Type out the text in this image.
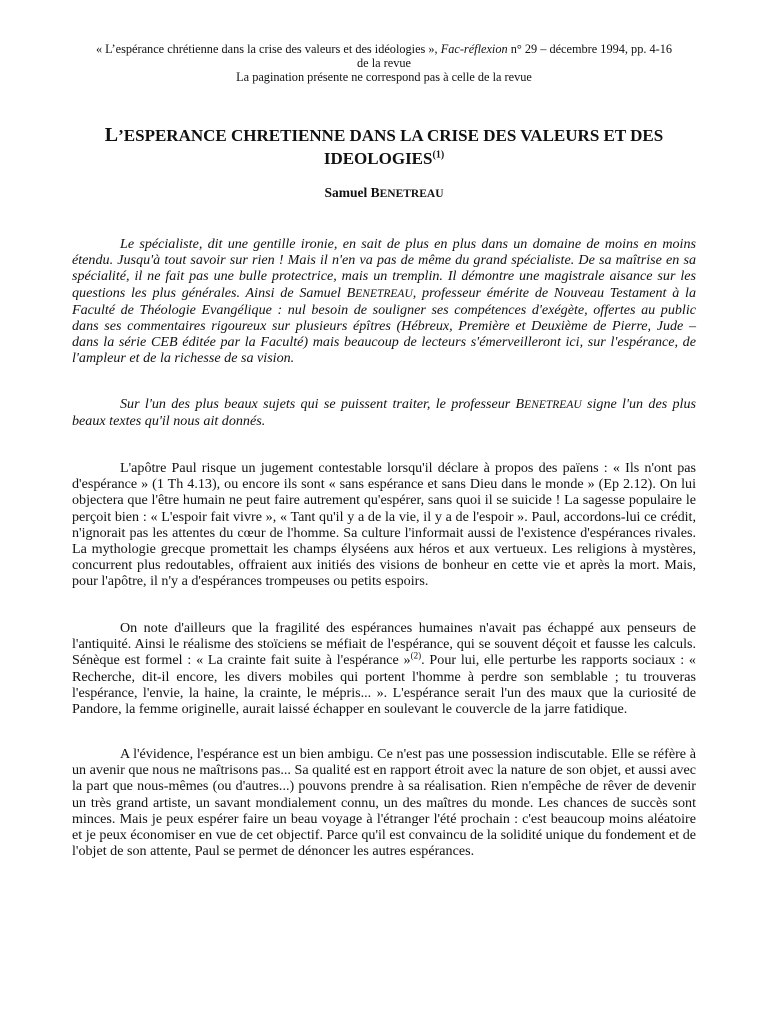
« L’espérance chrétienne dans la crise des valeurs et des idéologies », Fac-réflexion n° 29 – décembre 1994, pp. 4-16
de la revue
La pagination présente ne correspond pas à celle de la revue
L’ESPERANCE CHRETIENNE DANS LA CRISE DES VALEURS ET DES
IDEOLOGIES$^{(1)}$
Samuel BENETREAU

Le spécialiste, dit une gentille ironie, en sait de plus en plus dans un domaine de moins en moins étendu. Jusqu'à tout savoir sur rien ! Mais il n'en va pas de même du grand spécialiste. De sa maîtrise en sa spécialité, il ne fait pas une bulle protectrice, mais un tremplin. Il démontre une magistrale aisance sur les questions les plus générales. Ainsi de Samuel BENETREAU, professeur émérite de Nouveau Testament à la Faculté de Théologie Evangélique : nul besoin de souligner ses compétences d'exégète, offertes au public dans ses commentaires rigoureux sur plusieurs épîtres (Hébreux, Première et Deuxième de Pierre, Jude – dans la série CEB éditée par la Faculté) mais beaucoup de lecteurs s'émerveilleront ici, sur l'espérance, de l'ampleur et de la richesse de sa vision.

Sur l'un des plus beaux sujets qui se puissent traiter, le professeur BENETREAU signe l'un des plus beaux textes qu'il nous ait donnés.

L'apôtre Paul risque un jugement contestable lorsqu'il déclare à propos des païens : « Ils n'ont pas d'espérance » (1 Th 4.13), ou encore ils sont « sans espérance et sans Dieu dans le monde » (Ep 2.12). On lui objectera que l'être humain ne peut faire autrement qu'espérer, sans quoi il se suicide ! La sagesse populaire le perçoit bien : « L'espoir fait vivre », « Tant qu'il y a de la vie, il y a de l'espoir ». Paul, accordons-lui ce crédit, n'ignorait pas les attentes du cœur de l'homme. Sa culture l'informait aussi de l'existence d'espérances rivales. La mythologie grecque promettait les champs élyséens aux héros et aux vertueux. Les religions à mystères, concurrent plus redoutables, offraient aux initiés des visions de bonheur en cette vie et après la mort. Mais, pour l'apôtre, il n'y a d'espérances trompeuses ou petits espoirs.

On note d'ailleurs que la fragilité des espérances humaines n'avait pas échappé aux penseurs de l'antiquité. Ainsi le réalisme des stoïciens se méfiait de l'espérance, qui se souvent déçoit et fausse les calculs. Sénèque est formel : « La crainte fait suite à l'espérance »$^{(2)}$. Pour lui, elle perturbe les rapports sociaux : « Recherche, dit-il encore, les divers mobiles qui portent l'homme à perdre son semblable ; tu trouveras l'espérance, l'envie, la haine, la crainte, le mépris... ». L'espérance serait l'un des maux que la curiosité de Pandore, la femme originelle, aurait laissé échapper en soulevant le couvercle de la jarre fatidique.

A l'évidence, l'espérance est un bien ambigu. Ce n'est pas une possession indiscutable. Elle se réfère à un avenir que nous ne maîtrisons pas... Sa qualité est en rapport étroit avec la nature de son objet, et aussi avec la part que nous-mêmes (ou d'autres...) pouvons prendre à sa réalisation. Rien n'empêche de rêver de devenir un très grand artiste, un savant mondialement connu, un des maîtres du monde. Les chances de succès sont minces. Mais je peux espérer faire un beau voyage à l'étranger l'été prochain : c'est beaucoup moins aléatoire et je peux économiser en vue de cet objectif. Parce qu'il est convaincu de la solidité unique du fondement et de l'objet de son attente, Paul se permet de dénoncer les autres espérances.
